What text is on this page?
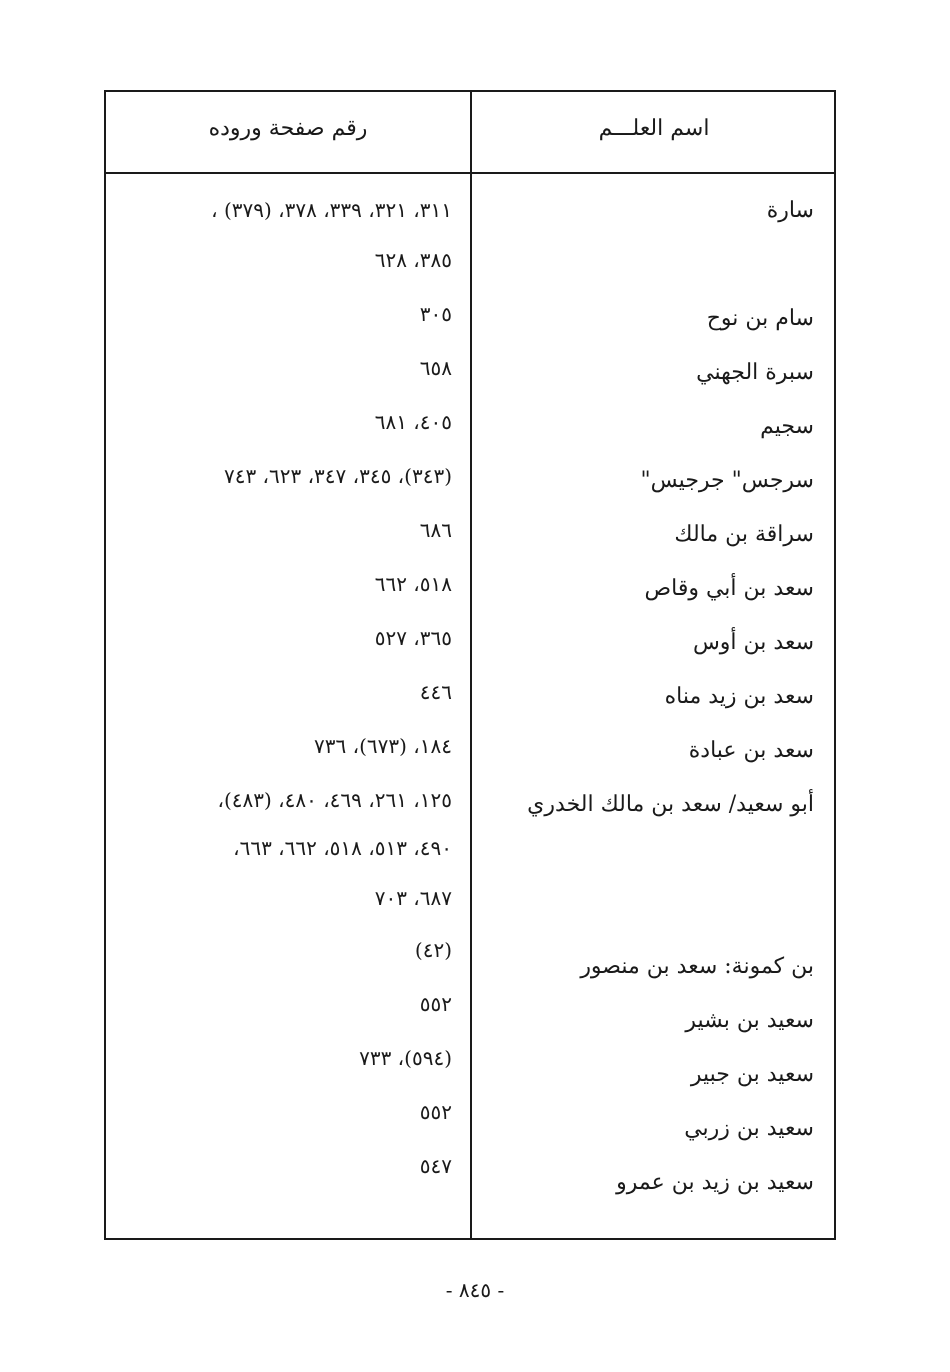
اسم العلـــم
رقم صفحة وروده
سارة
سام بن نوح
سبرة الجهني
سجيم
سرجس" جرجيس"
سراقة بن مالك
سعد بن أبي وقاص
سعد بن أوس
سعد بن زيد مناه
سعد بن عبادة
أبو سعيد/ سعد بن مالك الخدري
بن كمونة: سعد بن منصور
سعيد بن بشير
سعيد بن جبير
سعيد بن زربي
سعيد بن زيد بن عمرو
٣١١، ٣٢١، ٣٣٩، ٣٧٨، (٣٧٩) ،
٣٨٥، ٦٢٨
٣٠٥
٦٥٨
٤٠٥، ٦٨١
(٣٤٣)، ٣٤٥، ٣٤٧، ٦٢٣، ٧٤٣
٦٨٦
٥١٨، ٦٦٢
٣٦٥، ٥٢٧
٤٤٦
١٨٤، (٦٧٣)، ٧٣٦
١٢٥، ٢٦١، ٤٦٩، ٤٨٠، (٤٨٣)،
٤٩٠، ٥١٣، ٥١٨، ٦٦٢، ٦٦٣،
٦٨٧، ٧٠٣
(٤٢)
٥٥٢
(٥٩٤)، ٧٣٣
٥٥٢
٥٤٧
- ٨٤٥ -
